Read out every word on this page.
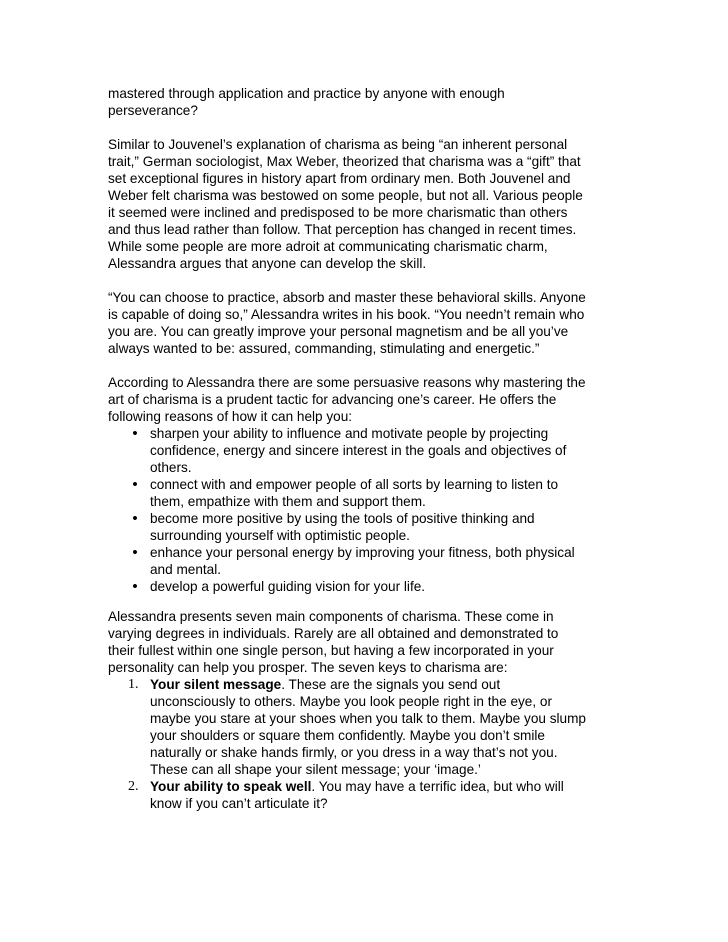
mastered through application and practice by anyone with enough perseverance?

Similar to Jouvenel’s explanation of charisma as being “an inherent personal trait,” German sociologist, Max Weber, theorized that charisma was a “gift” that set exceptional figures in history apart from ordinary men. Both Jouvenel and Weber felt charisma was bestowed on some people, but not all. Various people it seemed were inclined and predisposed to be more charismatic than others and thus lead rather than follow. That perception has changed in recent times. While some people are more adroit at communicating charismatic charm, Alessandra argues that anyone can develop the skill.

“You can choose to practice, absorb and master these behavioral skills. Anyone is capable of doing so,” Alessandra writes in his book. “You needn’t remain who you are. You can greatly improve your personal magnetism and be all you’ve always wanted to be: assured, commanding, stimulating and energetic.”

According to Alessandra there are some persuasive reasons why mastering the art of charisma is a prudent tactic for advancing one’s career. He offers the following reasons of how it can help you:

• sharpen your ability to influence and motivate people by projecting confidence, energy and sincere interest in the goals and objectives of others.
• connect with and empower people of all sorts by learning to listen to them, empathize with them and support them.
• become more positive by using the tools of positive thinking and surrounding yourself with optimistic people.
• enhance your personal energy by improving your fitness, both physical and mental.
• develop a powerful guiding vision for your life.

Alessandra presents seven main components of charisma. These come in varying degrees in individuals. Rarely are all obtained and demonstrated to their fullest within one single person, but having a few incorporated in your personality can help you prosper. The seven keys to charisma are:

1. Your silent message. These are the signals you send out unconsciously to others. Maybe you look people right in the eye, or maybe you stare at your shoes when you talk to them. Maybe you slump your shoulders or square them confidently. Maybe you don’t smile naturally or shake hands firmly, or you dress in a way that’s not you. These can all shape your silent message; your ‘image.’
2. Your ability to speak well. You may have a terrific idea, but who will know if you can’t articulate it?
